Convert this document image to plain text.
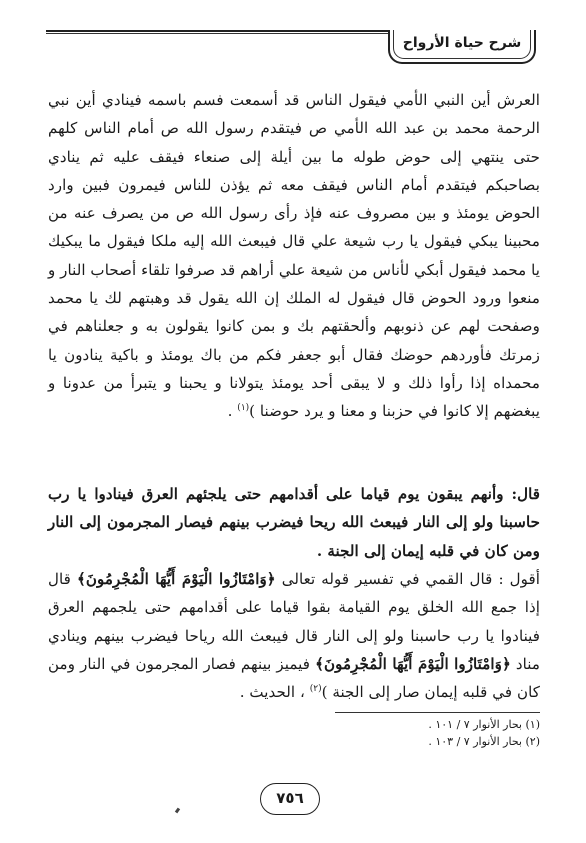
شرح حياة الأرواح
العرش أين النبي الأمي فيقول الناس قد أسمعت فسم باسمه فينادي أين نبي الرحمة محمد بن عبد الله الأمي ص فيتقدم رسول الله ص أمام الناس كلهم حتى ينتهي إلى حوض طوله ما بين أيلة إلى صنعاء فيقف عليه ثم ينادي بصاحبكم فيتقدم أمام الناس فيقف معه ثم يؤذن للناس فيمرون فبين وارد الحوض يومئذ و بين مصروف عنه فإذ رأى رسول الله ص من يصرف عنه من محبينا يبكي فيقول يا رب شيعة علي قال فيبعث الله إليه ملكا فيقول ما يبكيك يا محمد فيقول أبكي لأناس من شيعة علي أراهم قد صرفوا تلقاء أصحاب النار و منعوا ورود الحوض قال فيقول له الملك إن الله يقول قد وهبتهم لك يا محمد وصفحت لهم عن ذنوبهم وألحقتهم بك و بمن كانوا يقولون به و جعلناهم في زمرتك فأوردهم حوضك فقال أبو جعفر فكم من باك يومئذ و باكية ينادون يا محمداه إذا رأوا ذلك و لا يبقى أحد يومئذ يتولانا و يحبنا و يتبرأ من عدونا و يبغضهم إلا كانوا في حزبنا و معنا و يرد حوضنا )$^{(١)}$ .
قال: وأنهم يبقون يوم قياما على أقدامهم حتى يلجئهم العرق فينادوا يا رب حاسبنا ولو إلى النار فيبعث الله ريحا فيضرب بينهم فيصار المجرمون إلى النار ومن كان في قلبه إيمان إلى الجنة .
أقول : قال القمي في تفسير قوله تعالى ﴿وَامْتَازُوا الْيَوْمَ أَيُّهَا الْمُجْرِمُونَ﴾ قال إذا جمع الله الخلق يوم القيامة بقوا قياما على أقدامهم حتى يلجمهم العرق فينادوا يا رب حاسبنا ولو إلى النار قال فيبعث الله رياحا فيضرب بينهم وينادي مناد ﴿وَامْتَازُوا الْيَوْمَ أَيُّهَا الْمُجْرِمُونَ﴾ فيميز بينهم فصار المجرمون في النار ومن كان في قلبه إيمان صار إلى الجنة )$^{(٢)}$ ، الحديث .
(١) بحار الأنوار ٧ / ١٠١ .
(٢) بحار الأنوار ٧ / ١٠٣ .
٧٥٦
